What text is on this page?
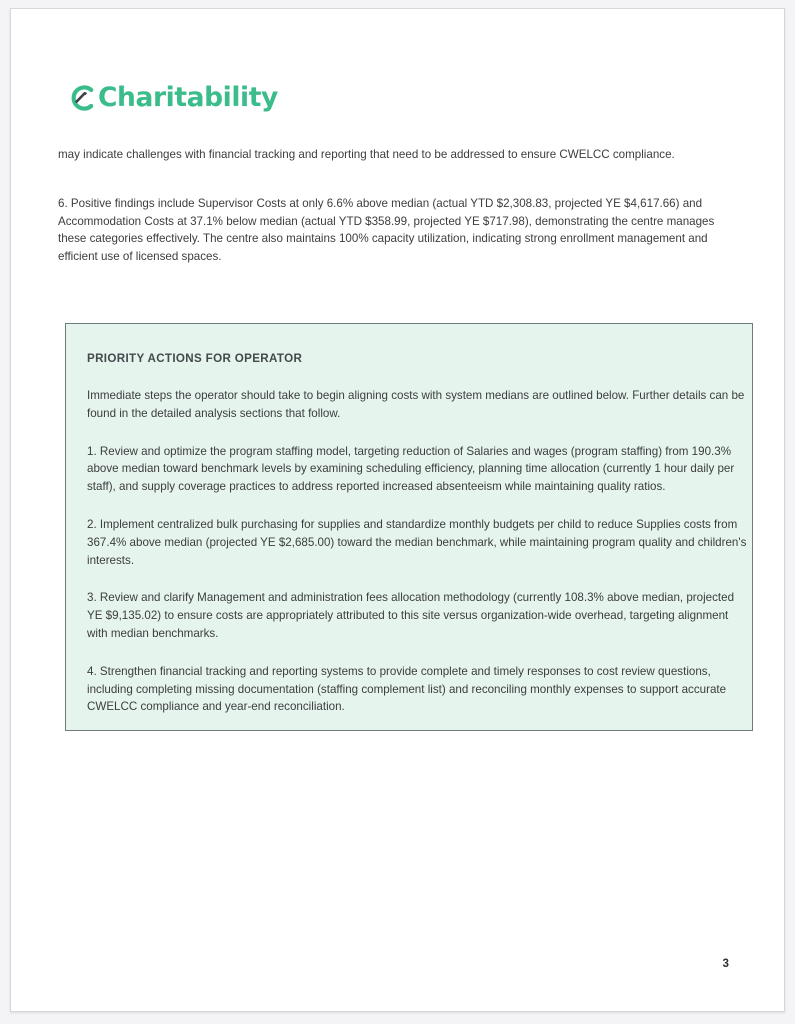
Charitability
may indicate challenges with financial tracking and reporting that need to be addressed to ensure CWELCC compliance.
6. Positive findings include Supervisor Costs at only 6.6% above median (actual YTD $2,308.83, projected YE $4,617.66) and Accommodation Costs at 37.1% below median (actual YTD $358.99, projected YE $717.98), demonstrating the centre manages these categories effectively. The centre also maintains 100% capacity utilization, indicating strong enrollment management and efficient use of licensed spaces.
PRIORITY ACTIONS FOR OPERATOR
Immediate steps the operator should take to begin aligning costs with system medians are outlined below. Further details can be found in the detailed analysis sections that follow.
1. Review and optimize the program staffing model, targeting reduction of Salaries and wages (program staffing) from 190.3% above median toward benchmark levels by examining scheduling efficiency, planning time allocation (currently 1 hour daily per staff), and supply coverage practices to address reported increased absenteeism while maintaining quality ratios.
2. Implement centralized bulk purchasing for supplies and standardize monthly budgets per child to reduce Supplies costs from 367.4% above median (projected YE $2,685.00) toward the median benchmark, while maintaining program quality and children's interests.
3. Review and clarify Management and administration fees allocation methodology (currently 108.3% above median, projected YE $9,135.02) to ensure costs are appropriately attributed to this site versus organization-wide overhead, targeting alignment with median benchmarks.
4. Strengthen financial tracking and reporting systems to provide complete and timely responses to cost review questions, including completing missing documentation (staffing complement list) and reconciling monthly expenses to support accurate CWELCC compliance and year-end reconciliation.
3
